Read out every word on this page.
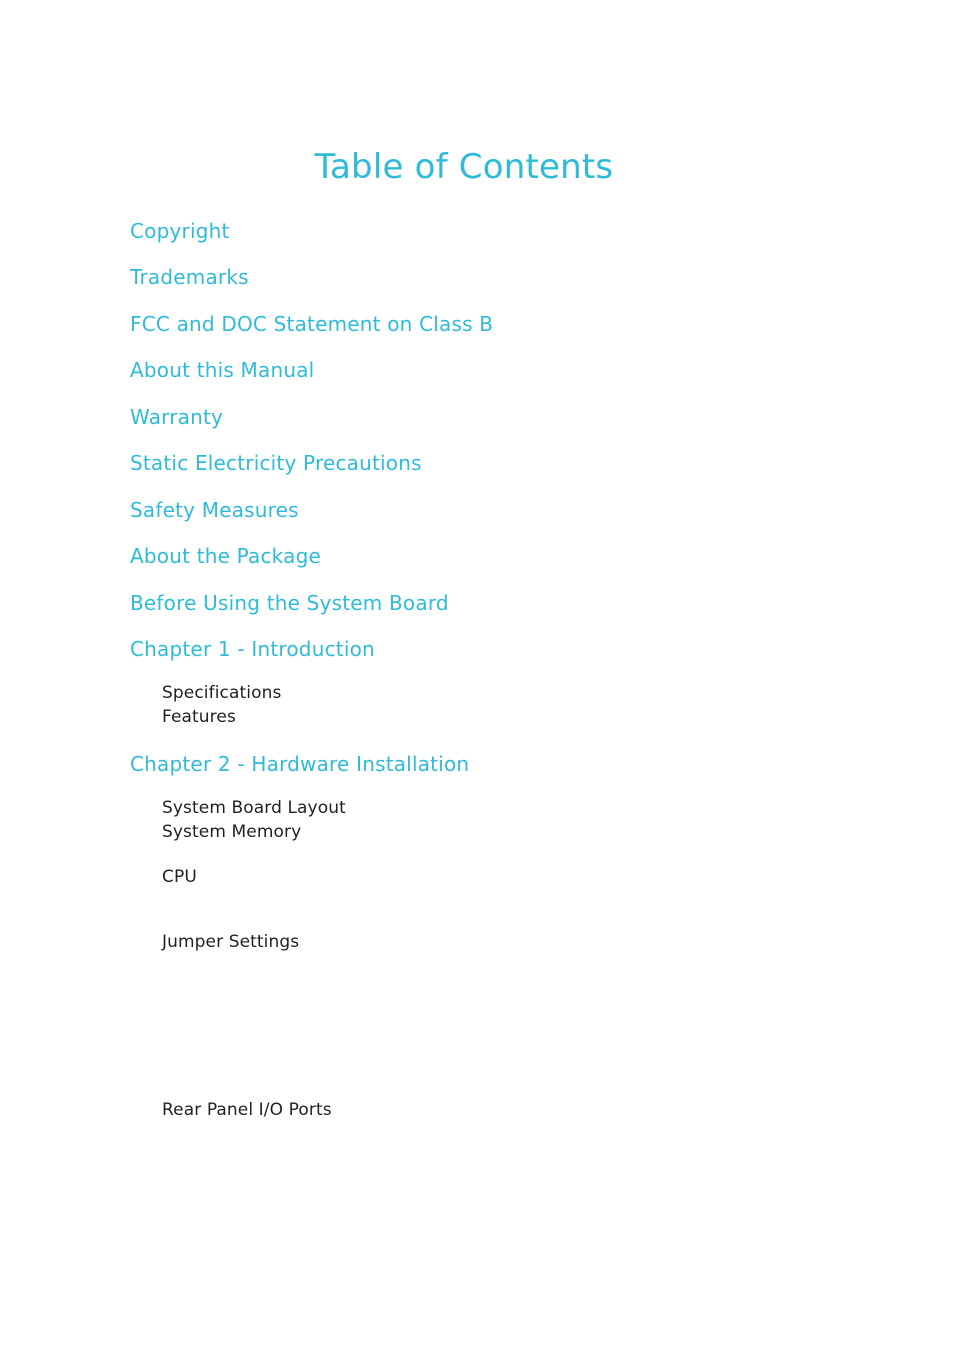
Table of Contents
Copyright
Trademarks
FCC and DOC Statement on Class B
About this Manual
Warranty
Static Electricity Precautions
Safety Measures
About the Package
Before Using the System Board
Chapter 1 - Introduction
Specifications
Features
Chapter 2 - Hardware Installation
System Board Layout
System Memory
CPU
Jumper Settings
Rear Panel I/O Ports
